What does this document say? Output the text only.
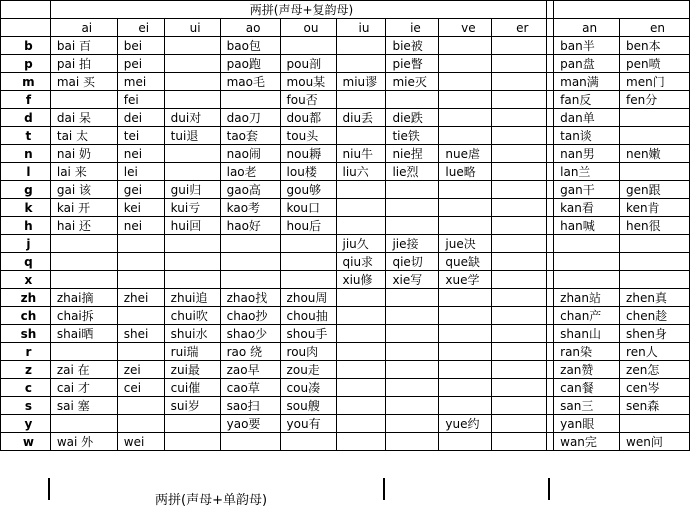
	两拼(声母+复韵母)											
	ai	ei	ui	ao	ou	iu	ie	ve	er		an	en
b	bai 百	bei		bao包			bie被				ban半	ben本
p	pai 拍	pei		pao跑	pou剖		pie瞥				pan盘	pen喷
m	mai 买	mei		mao毛	mou某	miu谬	mie灭				man满	men门
f		fei			fou否						fan反	fen分
d	dai 呆	dei	dui对	dao刀	dou都	diu丢	die跌				dan单	
t	tai 太	tei	tui退	tao套	tou头		tie铁				tan谈	
n	nai 奶	nei		nao闹	nou耨	niu牛	nie捏	nue虐			nan男	nen嫩
l	lai 来	lei		lao老	lou楼	liu六	lie烈	lue略			lan兰	
g	gai 该	gei	gui归	gao高	gou够						gan干	gen跟
k	kai 开	kei	kui亏	kao考	kou口						kan看	ken肯
h	hai 还	nei	hui回	hao好	hou后						han喊	hen很
j						jiu久	jie接	jue决				
q						qiu求	qie切	que缺				
x						xiu修	xie写	xue学				
zh	zhai摘	zhei	zhui追	zhao找	zhou周						zhan站	zhen真
ch	chai拆		chui吹	chao抄	chou抽						chan产	chen趁
sh	shai晒	shei	shui水	shao少	shou手						shan山	shen身
r			rui瑞	rao 绕	rou肉						ran染	ren人
z	zai 在	zei	zui最	zao早	zou走						zan赞	zen怎
c	cai 才	cei	cui催	cao草	cou凑						can餐	cen岑
s	sai 塞		sui岁	sao扫	sou艘						san三	sen森
y				yao要	you有			yue约			yan眼	
w	wai 外	wei									wan完	wen问
两拼(声母+单韵母)
